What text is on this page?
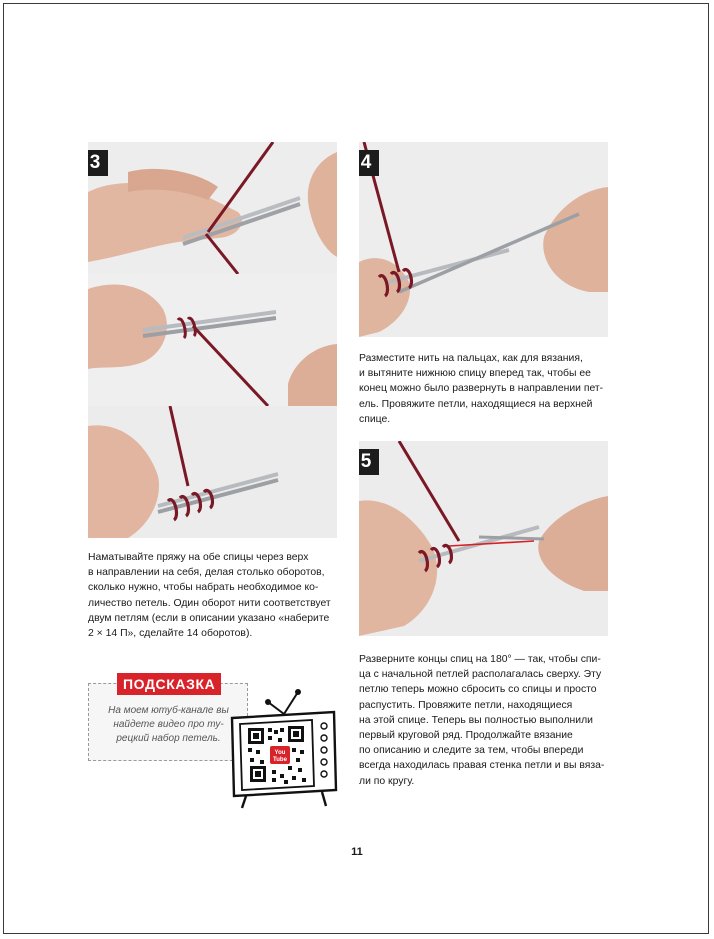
3	4
5

Наматывайте пряжу на обе спицы через верх
в направлении на себя, делая столько оборотов,
сколько нужно, чтобы набрать необходимое ко-
личество петель. Один оборот нити соответствует
двум петлям (если в описании указано «наберите
2 × 14 П», сделайте 14 оборотов).

Разместите нить на пальцах, как для вязания,
и вытяните нижнюю спицу вперед так, чтобы ее
конец можно было развернуть в направлении пет-
ель. Провяжите петли, находящиеся на верхней
спице.

Разверните концы спиц на 180° — так, чтобы спи-
ца с начальной петлей располагалась сверху. Эту
петлю теперь можно сбросить со спицы и просто
распустить. Провяжите петли, находящиеся
на этой спице. Теперь вы полностью выполнили
первый круговой ряд. Продолжайте вязание
по описанию и следите за тем, чтобы впереди
всегда находилась правая стенка петли и вы вяза-
ли по кругу.

ПОДСКАЗКА

На моем ютуб-канале вы
найдете видео про ту-
рецкий набор петель.

You
Tube
11
